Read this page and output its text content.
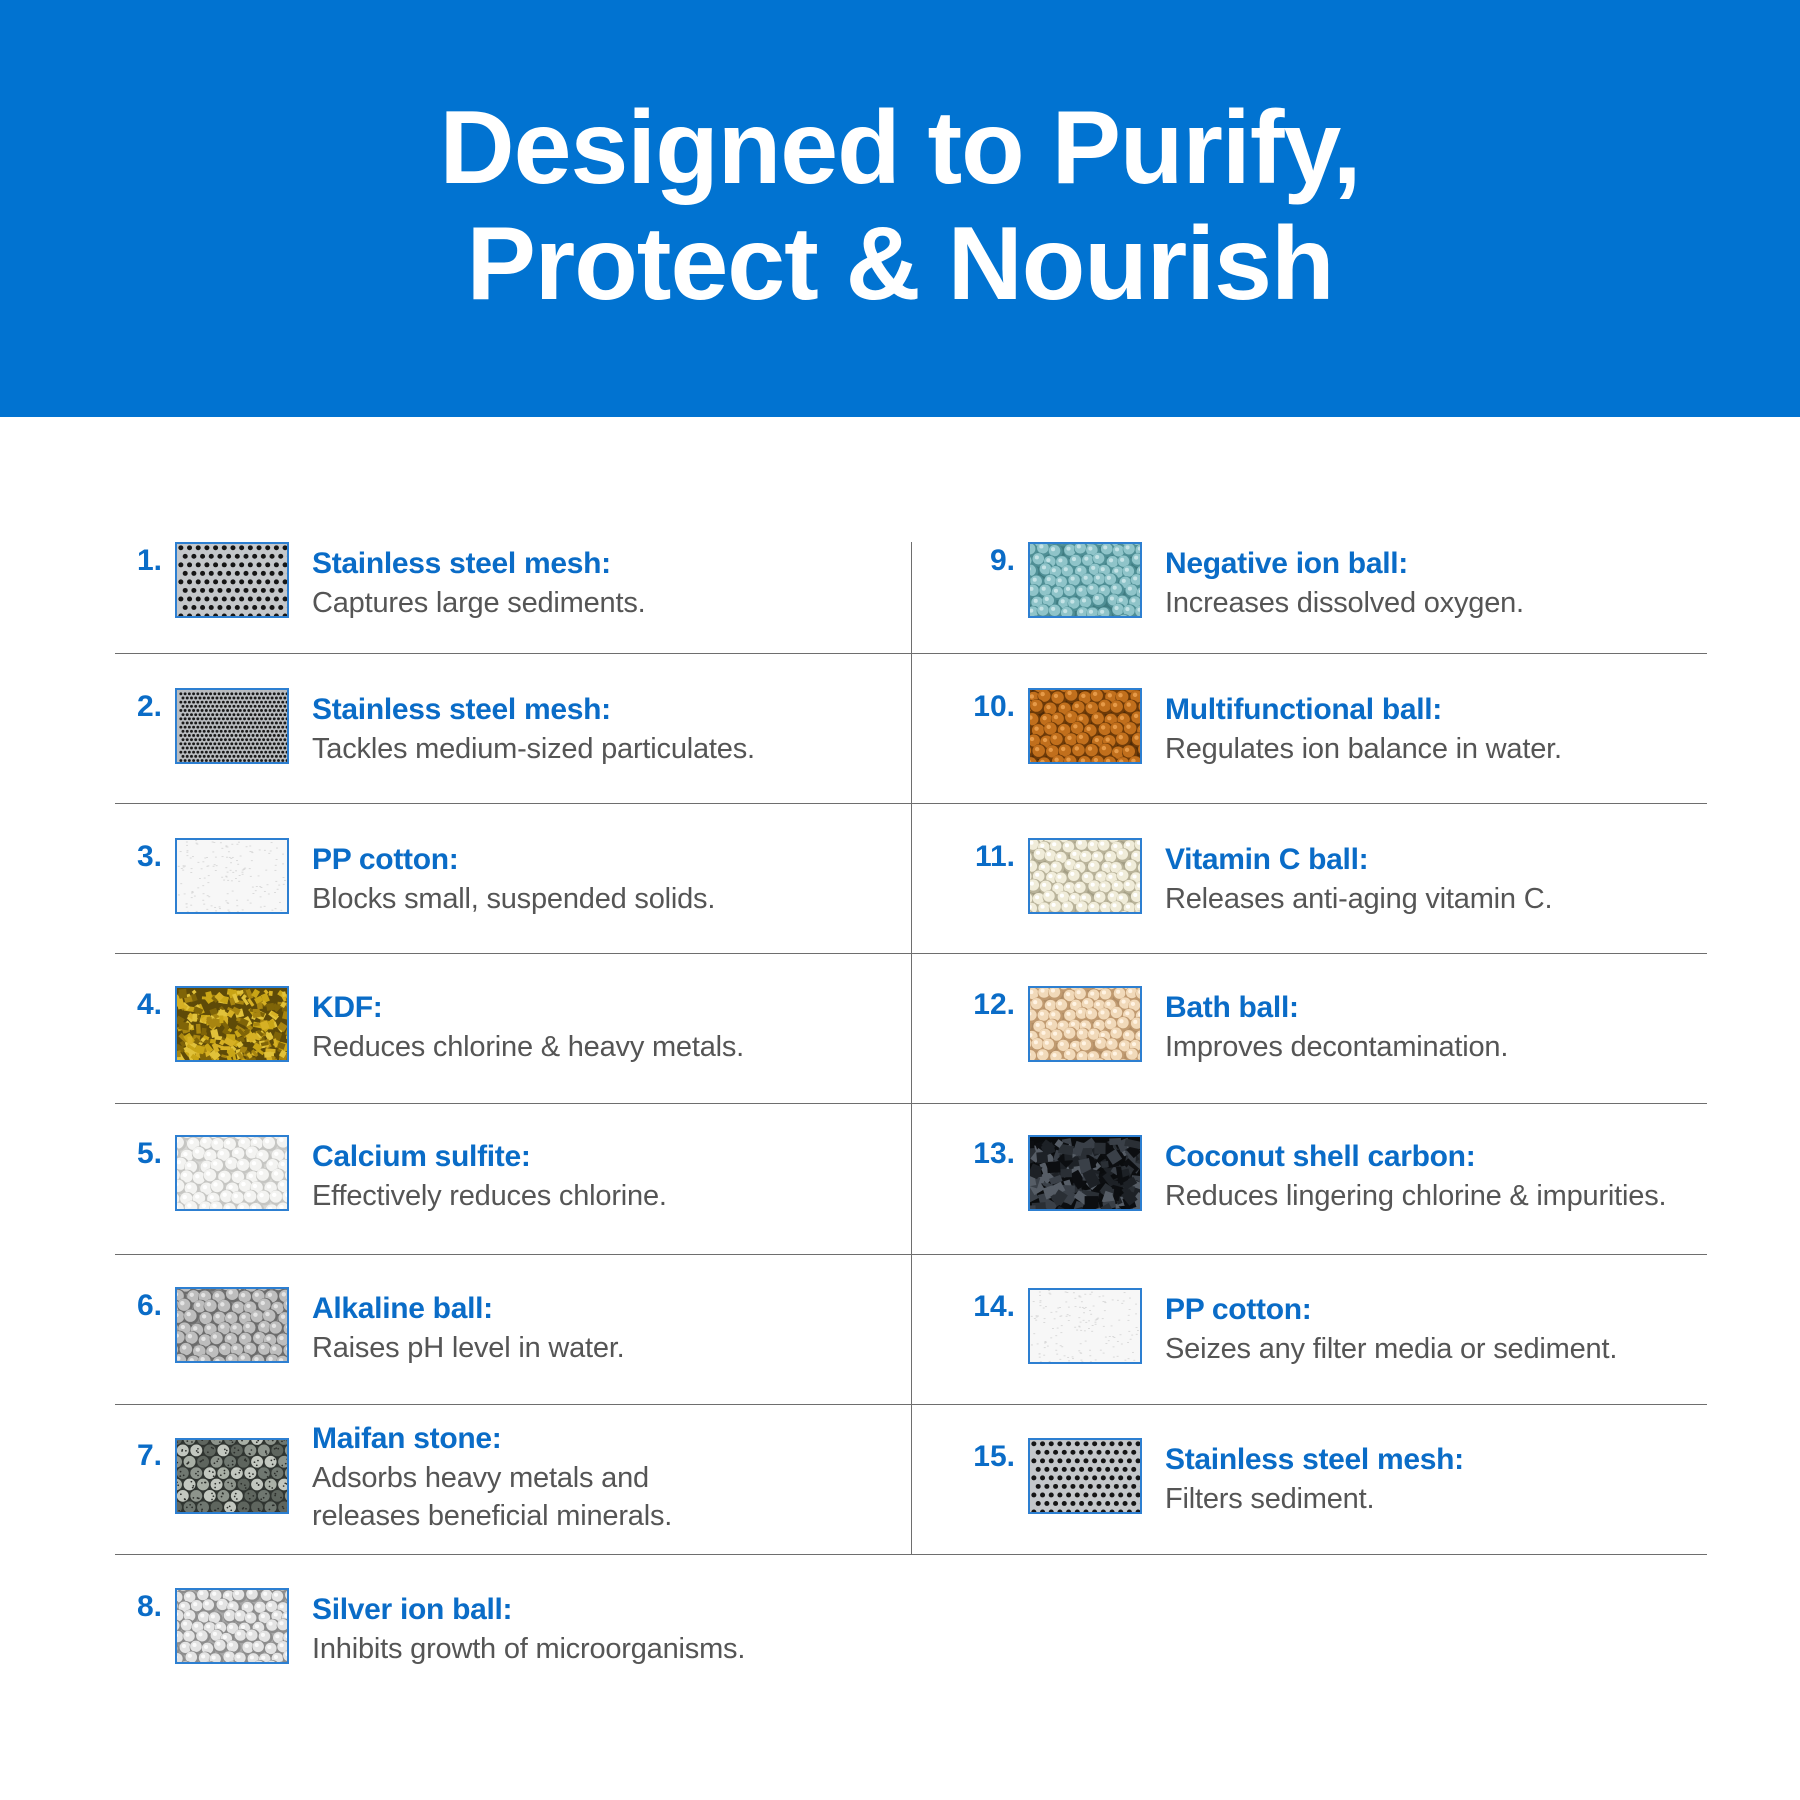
Designed to Purify,
Protect & Nourish
1.	Stainless steel mesh:
Captures large sediments.
2.	Stainless steel mesh:
Tackles medium-sized particulates.
3.	PP cotton:
Blocks small, suspended solids.
4.	KDF:
Reduces chlorine & heavy metals.
5.	Calcium sulfite:
Effectively reduces chlorine.
6.	Alkaline ball:
Raises pH level in water.
7.
Maifan stone:
Adsorbs heavy metals and
releases beneficial minerals.
8.	Silver ion ball:
Inhibits growth of microorganisms.
9.	Negative ion ball:
Increases dissolved oxygen.
10.	Multifunctional ball:
Regulates ion balance in water.
11.	Vitamin C ball:
Releases anti-aging vitamin C.
12.	Bath ball:
Improves decontamination.
13.	Coconut shell carbon:
Reduces lingering chlorine & impurities.
14.	PP cotton:
Seizes any filter media or sediment.
15.	Stainless steel mesh:
Filters sediment.
